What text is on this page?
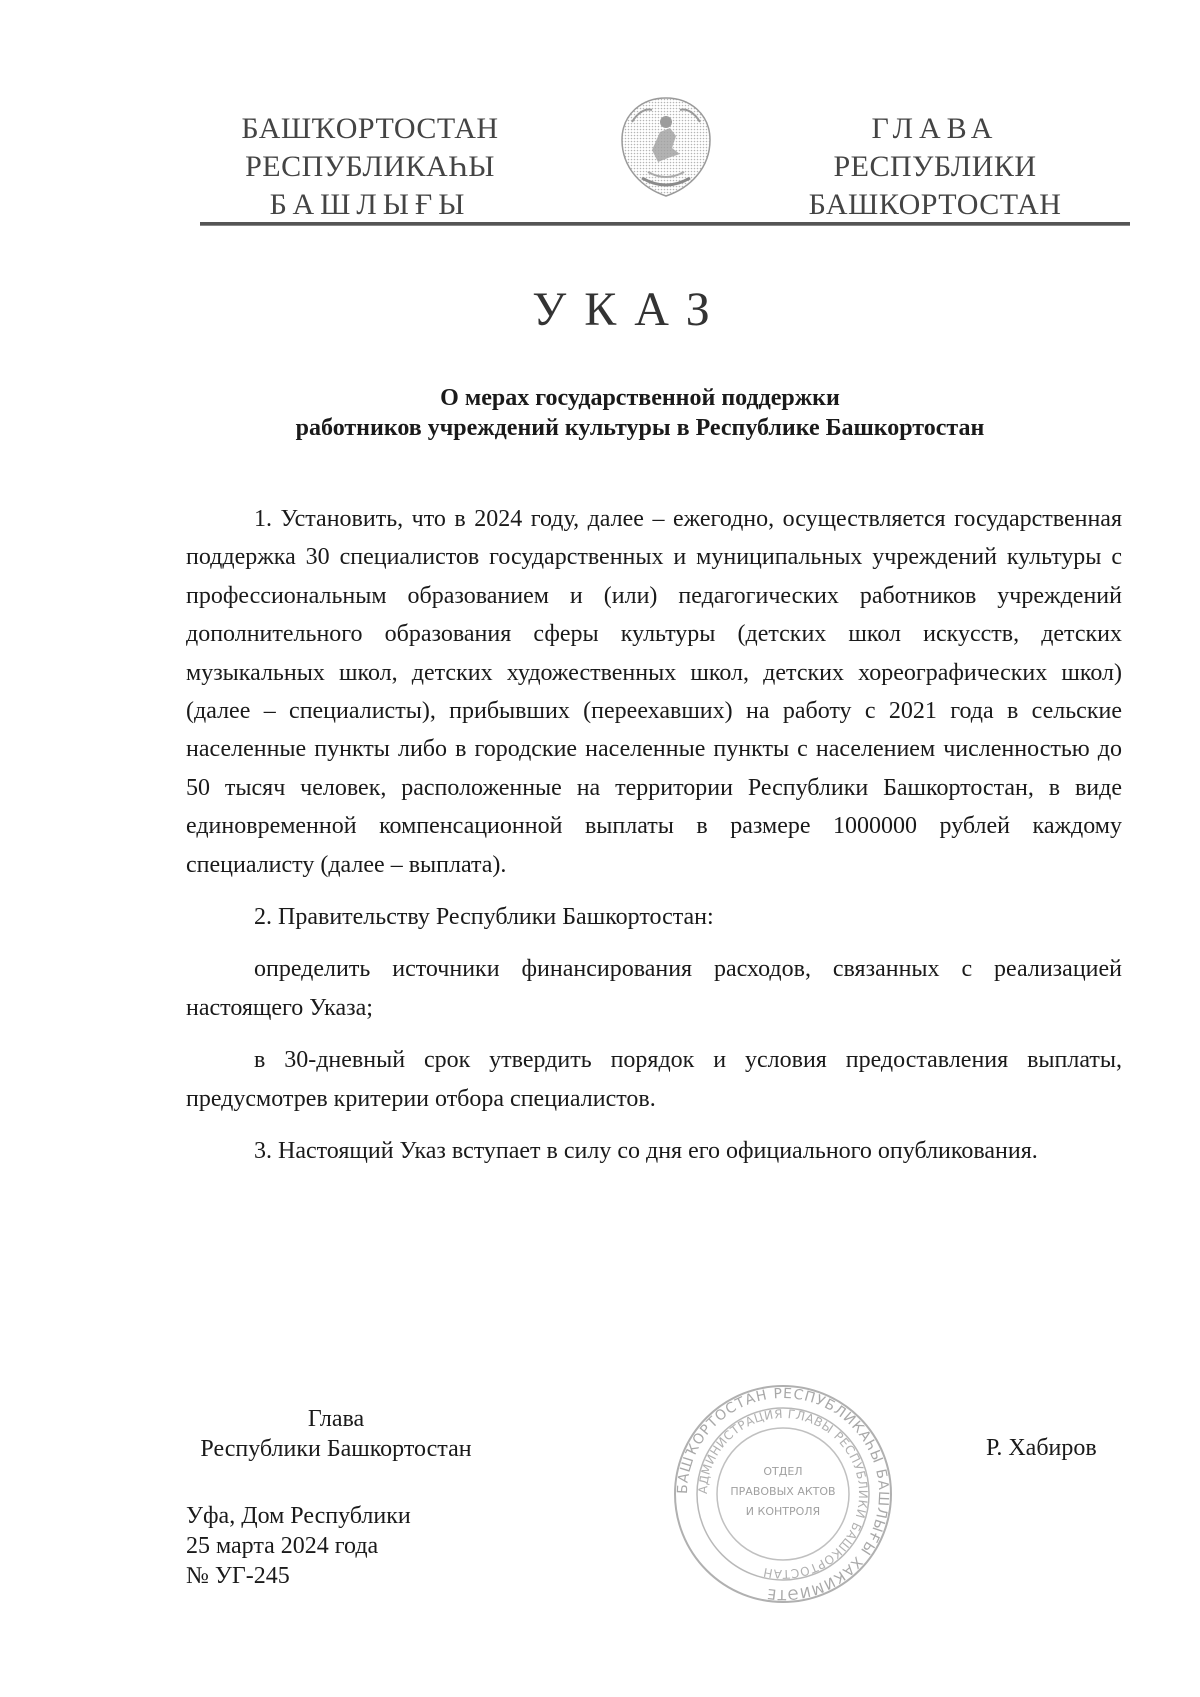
БАШҠОРТОСТАН
РЕСПУБЛИКАҺЫ
БАШЛЫҒЫ
ГЛАВА
РЕСПУБЛИКИ
БАШКОРТОСТАН
УКАЗ
О мерах государственной поддержки
работников учреждений культуры в Республике Башкортостан

1. Установить, что в 2024 году, далее – ежегодно, осуществляется государственная поддержка 30 специалистов государственных и муниципальных учреждений культуры с профессиональным образованием и (или) педагогических работников учреждений дополнительного образования сферы культуры (детских школ искусств, детских музыкальных школ, детских художественных школ, детских хореографических школ) (далее – специалисты), прибывших (переехавших) на работу с 2021 года в сельские населенные пункты либо в городские населенные пункты с населением численностью до 50 тысяч человек, расположенные на территории Республики Башкортостан, в виде единовременной компенсационной выплаты в размере 1000000 рублей каждому специалисту (далее – выплата).

2. Правительству Республики Башкортостан:

определить источники финансирования расходов, связанных с реализацией настоящего Указа;

в 30-дневный срок утвердить порядок и условия предоставления выплаты, предусмотрев критерии отбора специалистов.

3. Настоящий Указ вступает в силу со дня его официального опубликования.

Глава
Республики Башкортостан
БАШҠОРТОСТАН РЕСПУБЛИКАҺЫ БАШЛЫҒЫ ХАКИМИӘТЕ
АДМИНИСТРАЦИЯ ГЛАВЫ РЕСПУБЛИКИ БАШКОРТОСТАН
ОТДЕЛ
ПРАВОВЫХ АКТОВ
И КОНТРОЛЯ
Р. Хабиров
Уфа, Дом Республики
25 марта 2024 года
№ УГ-245
